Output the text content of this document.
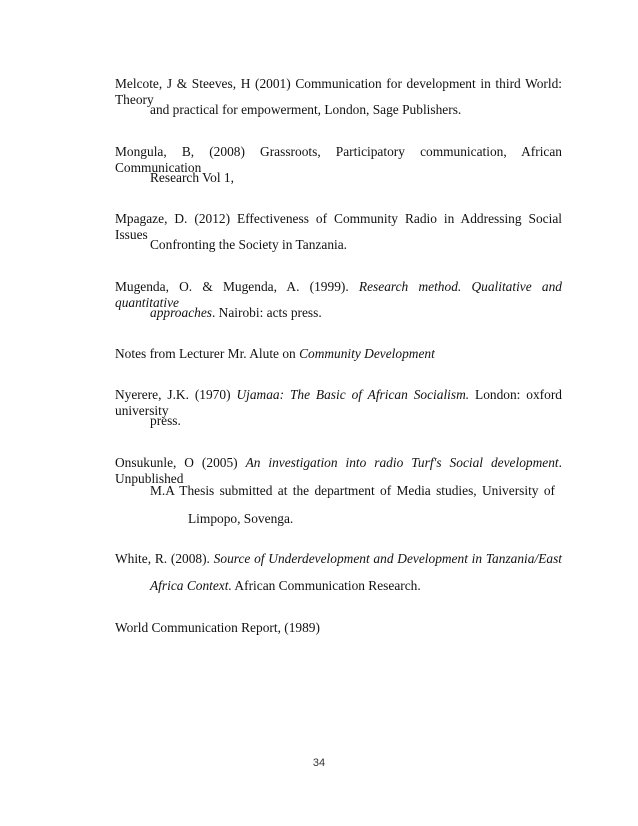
Melcote, J & Steeves, H (2001) Communication for development in third World: Theory
and practical for empowerment, London, Sage Publishers.
Mongula, B, (2008) Grassroots, Participatory communication, African Communication
Research Vol 1,
Mpagaze, D. (2012) Effectiveness of Community Radio in Addressing Social Issues
Confronting the Society in Tanzania.
Mugenda, O. & Mugenda, A. (1999). Research method. Qualitative and quantitative
approaches. Nairobi: acts press.
Notes from Lecturer Mr. Alute on Community Development
Nyerere, J.K. (1970) Ujamaa: The Basic of African Socialism. London: oxford university
press.
Onsukunle, O (2005) An investigation into radio Turf's Social development. Unpublished
M.A Thesis submitted at the department of Media studies, University of
Limpopo, Sovenga.
White, R. (2008). Source of Underdevelopment and Development in Tanzania/East
Africa Context. African Communication Research.
World Communication Report, (1989)
34
